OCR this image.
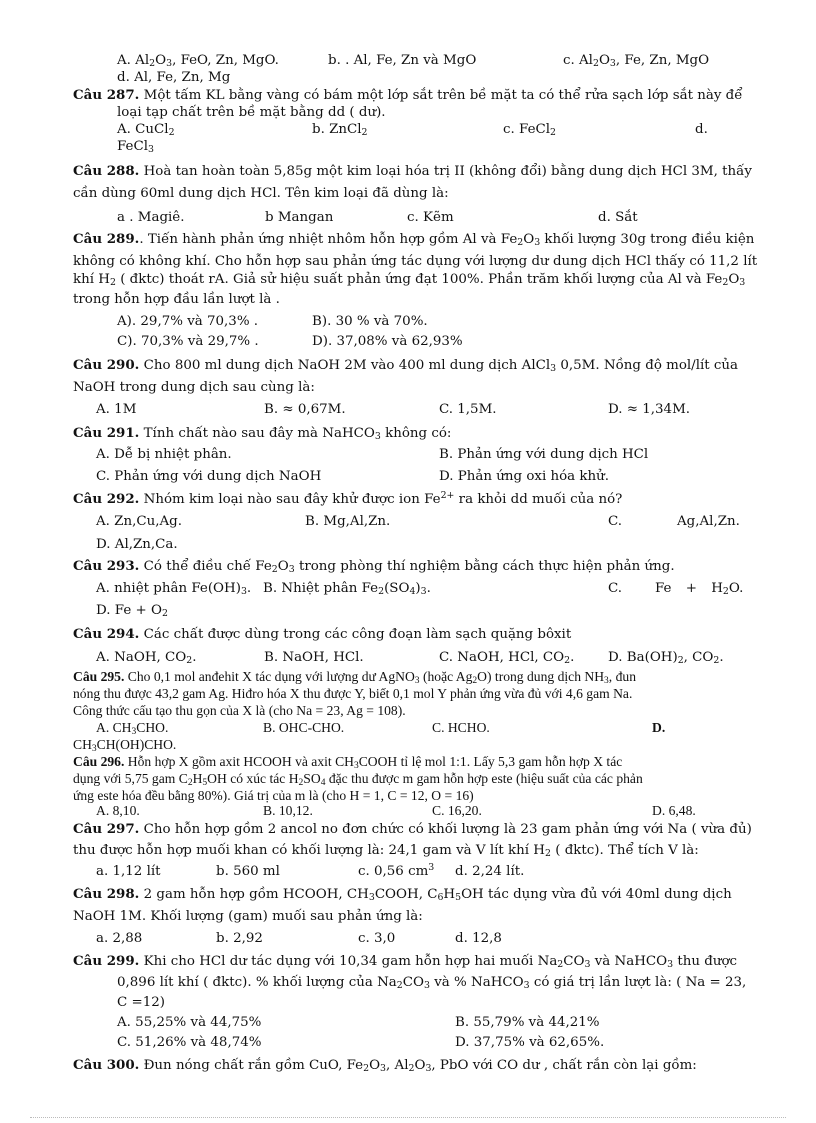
A. $Al_2O_3$, FeO, Zn, MgO.	b. . Al, Fe, Zn và MgO	c. $Al_2O_3$, Fe, Zn, MgO
d. Al, Fe, Zn, Mg
Câu 287. Một tấm KL bằng vàng có bám một lớp sắt trên bề mặt ta có thể rửa sạch lớp sắt này để
loại tạp chất trên bề mặt bằng dd ( dư).
A. CuCl$_2$	b. ZnCl$_2$	c. FeCl$_2$	d.
FeCl$_3$
Câu 288. Hoà tan hoàn toàn 5,85g một kim loại hóa trị II (không đổi) bằng dung dịch HCl 3M, thấy
cần dùng 60ml dung dịch HCl. Tên kim loại đã dùng là:
a . Magiê.	b Mangan	c. Kẽm	d. Sắt
Câu 289.. Tiến hành phản ứng nhiệt nhôm hỗn hợp gồm Al và $Fe_2O_3$ khối lượng 30g trong điều kiện
không có không khí. Cho hỗn hợp sau phản ứng tác dụng với lượng dư dung dịch HCl thấy có 11,2 lít
khí $H_2$ ( đktc) thoát rA. Giả sử hiệu suất phản ứng đạt 100%. Phần trăm khối lượng của Al và $Fe_2O_3$
trong hỗn hợp đầu lần lượt là .
A). 29,7% và 70,3% .	B). 30 % và 70%.
C). 70,3% và 29,7% .	D). 37,08% và 62,93%
Câu 290. Cho 800 ml dung dịch NaOH 2M vào 400 ml dung dịch AlCl$_3$ 0,5M. Nồng độ mol/lít của
NaOH trong dung dịch sau cùng là:
A. 1M	B. ≈ 0,67M.	C. 1,5M.	D. ≈ 1,34M.
Câu 291. Tính chất nào sau đây mà NaHCO$_3$ không có:
A. Dễ bị nhiệt phân.	B. Phản ứng với dung dịch HCl
C. Phản ứng với dung dịch NaOH	D. Phản ứng oxi hóa khử.
Câu 292. Nhóm kim loại nào sau đây khử được ion $Fe^{2+}$ ra khỏi dd muối của nó?
A. Zn,Cu,Ag.	B. Mg,Al,Zn.	C.	Ag,Al,Zn.
D. Al,Zn,Ca.
Câu 293. Có thể điều chế $Fe_2O_3$ trong phòng thí nghiệm bằng cách thực hiện phản ứng.
A. nhiệt phân $Fe(OH)_3$. B. Nhiệt phân $Fe_2(SO_4)_3$.	C. $Fe + H_2O$.
D. $Fe + O_2$
Câu 294. Các chất được dùng trong các công đoạn làm sạch quặng bôxit
A. NaOH, $CO_2$.	B. NaOH, HCl.	C. NaOH, HCl, $CO_2$.	D. $Ba(OH)_2$, $CO_2$.
Câu 295. Cho 0,1 mol anđehit X tác dụng với lượng dư AgNO$_3$ (hoặc $Ag_2O$) trong dung dịch $NH_3$, đun
nóng thu được 43,2 gam Ag. Hiđro hóa X thu được Y, biết 0,1 mol Y phản ứng vừa đủ với 4,6 gam Na.
Công thức cấu tạo thu gọn của X là (cho Na = 23, Ag = 108).
A. $CH_3CHO$.	B. OHC-CHO.	C. HCHO.	D.
$CH_3CH(OH)CHO$.
Câu 296. Hỗn hợp X gồm axit HCOOH và axit $CH_3COOH$ tỉ lệ mol 1:1. Lấy 5,3 gam hỗn hợp X tác
dụng với 5,75 gam $C_2H_5OH$ có xúc tác $H_2SO_4$ đặc thu được m gam hỗn hợp este (hiệu suất của các phản
ứng este hóa đều bằng 80%). Giá trị của m là (cho H = 1, C = 12, O = 16)
A. 8,10.	B. 10,12.	C. 16,20.	D. 6,48.
Câu 297. Cho hỗn hợp gồm 2 ancol no đơn chức có khối lượng là 23 gam phản ứng với Na ( vừa đủ)
thu được hỗn hợp muối khan có khối lượng là: 24,1 gam và V lít khí $H_2$ ( đktc). Thể tích V là:
a. 1,12 lít	b. 560 ml	c. 0,56 $cm^3$ d. 2,24 lít.
Câu 298. 2 gam hỗn hợp gồm HCOOH, $CH_3COOH$, $C_6H_5OH$ tác dụng vừa đủ với 40ml dung dịch
NaOH 1M. Khối lượng (gam) muối sau phản ứng là:
a. 2,88	b. 2,92	c. 3,0	d. 12,8
Câu 299. Khi cho HCl dư tác dụng với 10,34 gam hỗn hợp hai muối $Na_2CO_3$ và NaHCO$_3$ thu được
0,896 lít khí ( đktc). % khối lượng của $Na_2CO_3$ và % NaHCO$_3$ có giá trị lần lượt là: ( Na = 23,
C =12)
A. 55,25% và 44,75%	B. 55,79% và 44,21%
C. 51,26% và 48,74%	D. 37,75% và 62,65%.
Câu 300. Đun nóng chất rắn gồm CuO, $Fe_2O_3$, $Al_2O_3$, PbO với CO dư , chất rắn còn lại gồm:
